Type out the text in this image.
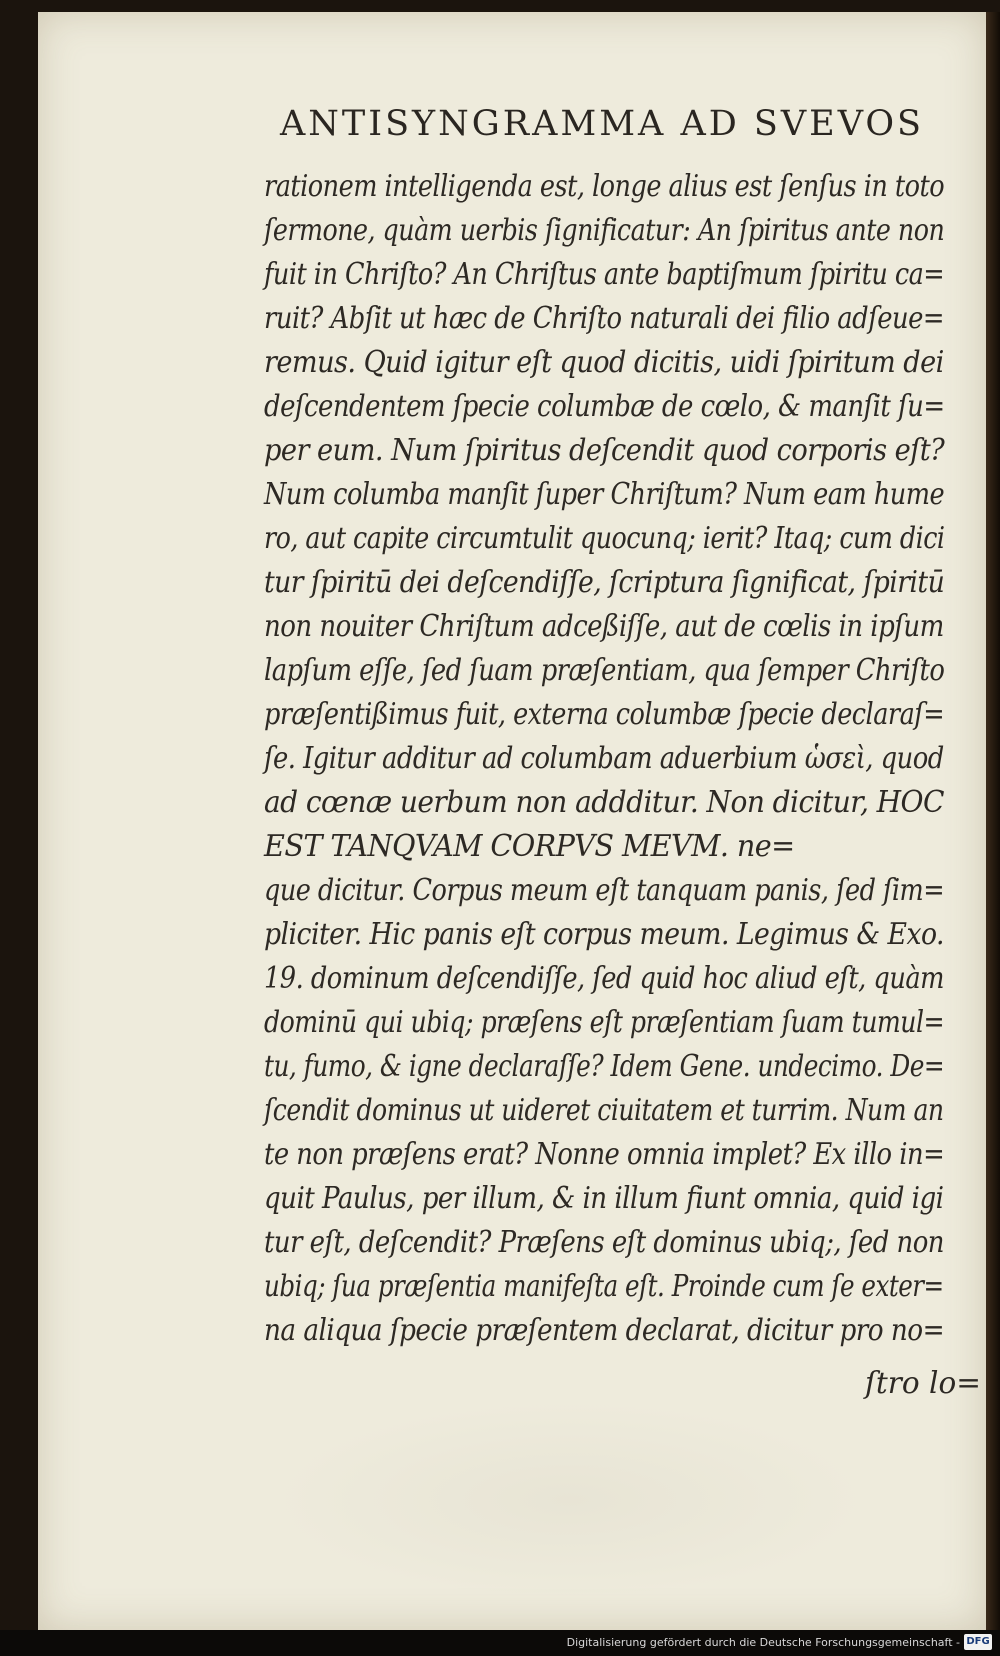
ANTISYNGRAMMA AD SVEVOS
rationem intelligenda est, longe alius est ſenſus in toto
ſermone, quàm uerbis ſignificatur: An ſpiritus ante non
fuit in Chriſto? An Chriſtus ante baptiſmum ſpiritu ca=
ruit? Abſit ut hæc de Chriſto naturali dei filio adſeue=
remus. Quid igitur eſt quod dicitis, uidi ſpiritum dei
deſcendentem ſpecie columbæ de cœlo, & manſit ſu=
per eum. Num ſpiritus deſcendit quod corporis eſt?
Num columba manſit ſuper Chriſtum? Num eam hume
ro, aut capite circumtulit quocunq; ierit? Itaq; cum dici
tur ſpiritū dei deſcendiſſe, ſcriptura ſignificat, ſpiritū
non nouiter Chriſtum adceßiſſe, aut de cœlis in ipſum
lapſum eſſe, ſed ſuam præſentiam, qua ſemper Chriſto
præſentißimus fuit, externa columbæ ſpecie declaraſ=
ſe. Igitur additur ad columbam aduerbium ὡσεὶ, quod
ad cœnæ uerbum non addditur. Non dicitur, HOC
EST TANQVAM CORPVS MEVM. ne=
que dicitur. Corpus meum eſt tanquam panis, ſed ſim=
pliciter. Hic panis eſt corpus meum. Legimus & Exo.
19. dominum deſcendiſſe, ſed quid hoc aliud eſt, quàm
dominū qui ubiq; præſens eſt præſentiam ſuam tumul=
tu, fumo, & igne declaraſſe? Idem Gene. undecimo. De=
ſcendit dominus ut uideret ciuitatem et turrim. Num an
te non præſens erat? Nonne omnia implet? Ex illo in=
quit Paulus, per illum, & in illum fiunt omnia, quid igi
tur eſt, deſcendit? Præſens eſt dominus ubiq;, ſed non
ubiq; ſua præſentia manifeſta eſt. Proinde cum ſe exter=
na aliqua ſpecie præſentem declarat, dicitur pro no=
ſtro lo=
Digitalisierung gefördert durch die Deutsche Forschungsgemeinschaft - DFG
